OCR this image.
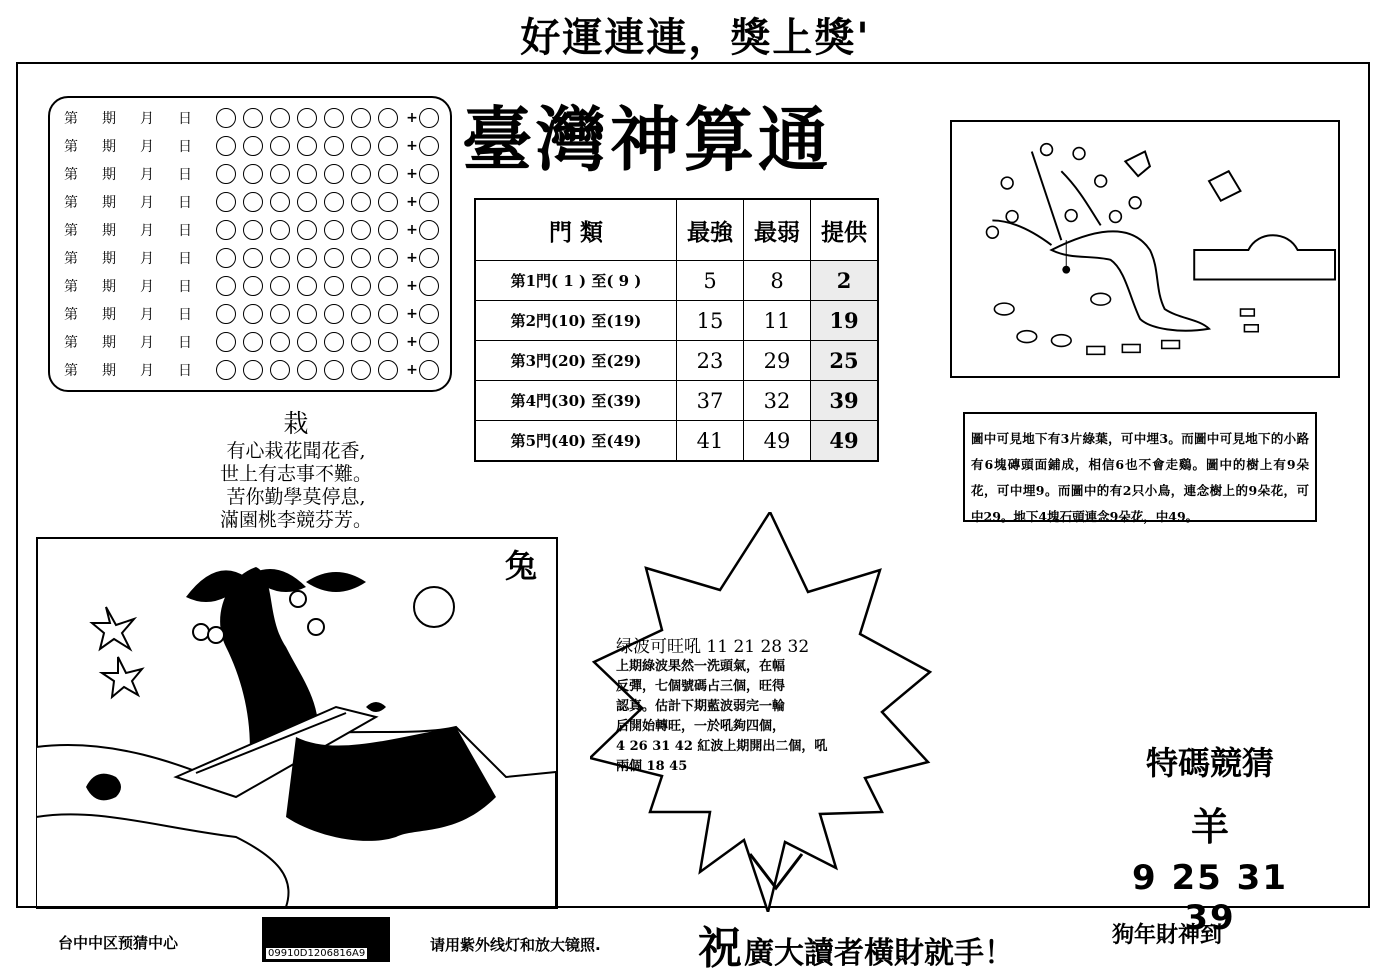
好運連連，獎上獎'
第	期	月	日	+
第	期	月	日	+
第	期	月	日	+
第	期	月	日	+
第	期	月	日	+
第	期	月	日	+
第	期	月	日	+
第	期	月	日	+
第	期	月	日	+
第	期	月	日	+
臺灣神算通
門 類	最強	最弱	提供
第1門( 1 ) 至( 9 )	5	8	2
第2門(10) 至(19)	15	11	19
第3門(20) 至(29)	23	29	25
第4門(30) 至(39)	37	32	39
第5門(40) 至(49)	41	49	49
栽
有心栽花聞花香,
世上有志事不難。
苦你勤學莫停息,
滿園桃李競芬芳。
兔
绿波可旺吼 11 21 28 32
上期綠波果然一洗頭氣，在幅
反彈，七個號碼占三個，旺得
認真。估計下期藍波弱完一輪
后開始轉旺，一於吼夠四個，
4 26 31 42 紅波上期開出二個，吼
兩個 18 45
圖中可見地下有3片綠葉，可中埋3。而圖中可見地下的小路有6塊磚頭面鋪成，相信6也不會走鷄。圖中的樹上有9朵花，可中埋9。而圖中的有2只小鳥，連念樹上的9朵花，可中29。地下4塊石頭連念9朵花，中49。
特碼競猜
羊
9 25 31 39
台中中区预猜中心
09910D1206816A9	请用紫外线灯和放大镜照. 祝 廣大讀者橫財就手！
狗年財神到
